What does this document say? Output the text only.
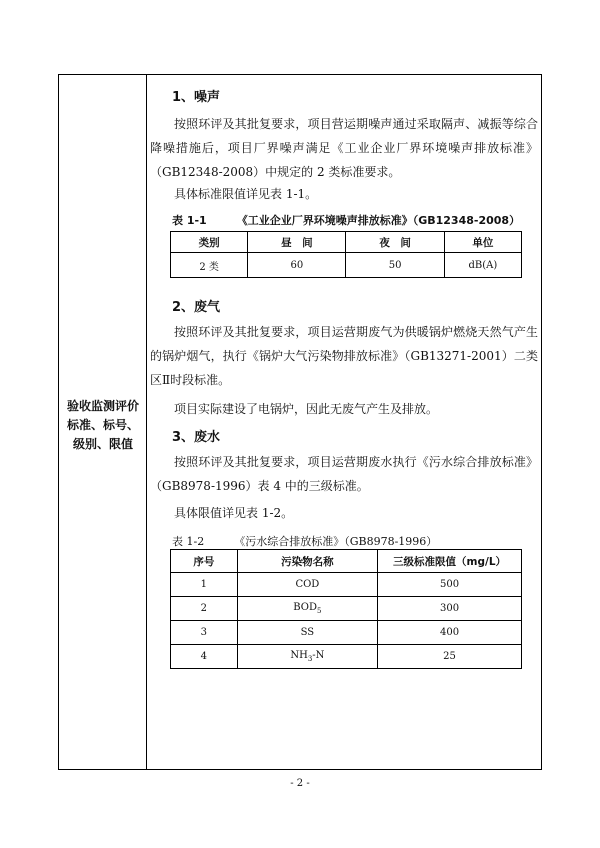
验收监测评价
标准、标号、
级别、限值
1、噪声
按照环评及其批复要求，项目营运期噪声通过采取隔声、减振等综合降噪措施后，项目厂界噪声满足《工业企业厂界环境噪声排放标准》（GB12348-2008）中规定的 2 类标准要求。
具体标准限值详见表 1-1。
2、废气
按照环评及其批复要求，项目运营期废气为供暖锅炉燃烧天然气产生的锅炉烟气，执行《锅炉大气污染物排放标准》（GB13271-2001）二类区Ⅱ时段标准。
项目实际建设了电锅炉，因此无废气产生及排放。
3、废水
按照环评及其批复要求，项目运营期废水执行《污水综合排放标准》（GB8978-1996）表 4 中的三级标准。
具体限值详见表 1-2。
表 1-1	《工业企业厂界环境噪声排放标准》（GB12348-2008）
类别	昼　间	夜　间	单位
2 类	60	50	dB(A)
表 1-2	《污水综合排放标准》（GB8978-1996）
序号	污染物名称	三级标准限值（mg/L）
1	COD	500
2	$BOD_5$	300
3	SS	400
4	$NH_3-N$	25
- 2 -
